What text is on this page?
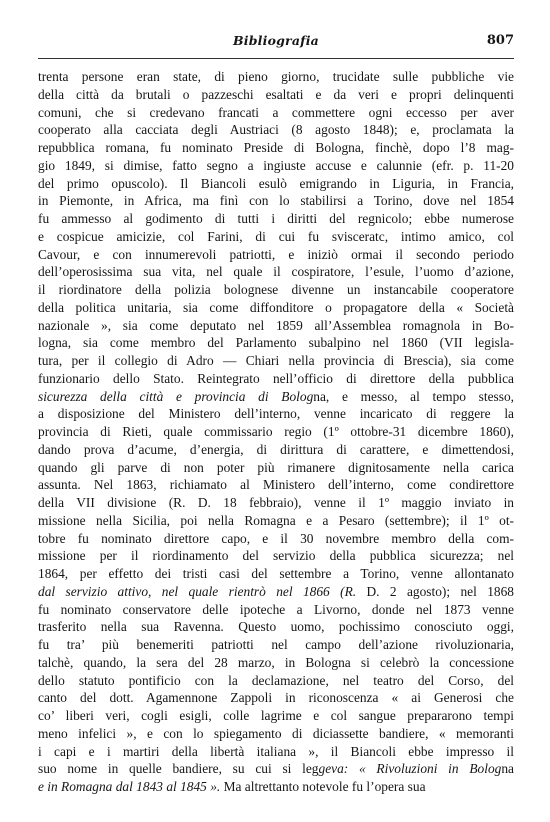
Bibliografia	807
trenta persone eran state, di pieno giorno, trucidate sulle pubbliche vie
della città da brutali o pazzeschi esaltati e da veri e propri delinquenti
comuni, che si credevano francati a commettere ogni eccesso per aver
cooperato alla cacciata degli Austriaci (8 agosto 1848); e, proclamata la
repubblica romana, fu nominato Preside di Bologna, finchè, dopo l’8 mag-
gio 1849, si dimise, fatto segno a ingiuste accuse e calunnie (efr. p. 11-20
del primo opuscolo). Il Biancoli esulò emigrando in Liguria, in Francia,
in Piemonte, in Africa, ma finì con lo stabilirsi a Torino, dove nel 1854
fu ammesso al godimento di tutti i diritti del regnicolo; ebbe numerose
e cospicue amicizie, col Farini, di cui fu svisceratc, intimo amico, col
Cavour, e con innumerevoli patriotti, e iniziò ormai il secondo periodo
dell’operosissima sua vita, nel quale il cospiratore, l’esule, l’uomo d’azione,
il riordinatore della polizia bolognese divenne un instancabile cooperatore
della politica unitaria, sia come diffonditore o propagatore della « Società
nazionale », sia come deputato nel 1859 all’Assemblea romagnola in Bo-
logna, sia come membro del Parlamento subalpino nel 1860 (VII legisla-
tura, per il collegio di Adro — Chiari nella provincia di Brescia), sia come
funzionario dello Stato. Reintegrato nell’officio di direttore della pubblica
sicurezza della città e provincia di Bologna, e messo, al tempo stesso,
a disposizione del Ministero dell’interno, venne incaricato di reggere la
provincia di Rieti, quale commissario regio (1º ottobre-31 dicembre 1860),
dando prova d’acume, d’energia, di dirittura di carattere, e dimettendosi,
quando gli parve di non poter più rimanere dignitosamente nella carica
assunta. Nel 1863, richiamato al Ministero dell’interno, come condirettore
della VII divisione (R. D. 18 febbraio), venne il 1º maggio inviato in
missione nella Sicilia, poi nella Romagna e a Pesaro (settembre); il 1º ot-
tobre fu nominato direttore capo, e il 30 novembre membro della com-
missione per il riordinamento del servizio della pubblica sicurezza; nel
1864, per effetto dei tristi casi del settembre a Torino, venne allontanato
dal servizio attivo, nel quale rientrò nel 1866 (R. D. 2 agosto); nel 1868
fu nominato conservatore delle ipoteche a Livorno, donde nel 1873 venne
trasferito nella sua Ravenna. Questo uomo, pochissimo conosciuto oggi,
fu tra’ più benemeriti patriotti nel campo dell’azione rivoluzionaria,
talchè, quando, la sera del 28 marzo, in Bologna si celebrò la concessione
dello statuto pontificio con la declamazione, nel teatro del Corso, del
canto del dott. Agamennone Zappoli in riconoscenza « ai Generosi che
co’ liberi veri, cogli esigli, colle lagrime e col sangue prepararono tempi
meno infelici », e con lo spiegamento di diciassette bandiere, « memoranti
i capi e i martiri della libertà italiana », il Biancoli ebbe impresso il
suo nome in quelle bandiere, su cui si leggeva: « Rivoluzioni in Bologna
e in Romagna dal 1843 al 1845 ». Ma altrettanto notevole fu l’opera sua
